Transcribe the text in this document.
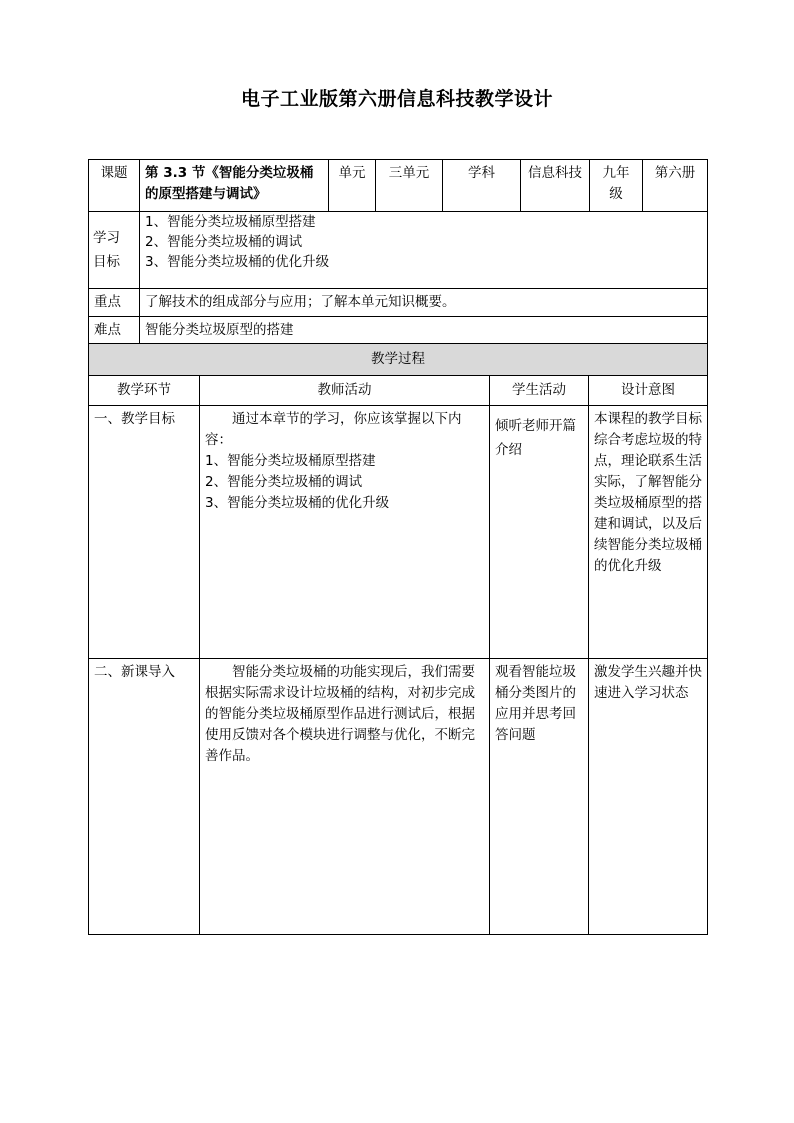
电子工业版第六册信息科技教学设计
课题	第 3.3 节《智能分类垃圾桶的原型搭建与调试》	单元	三单元	学科	信息科技	九年级	第六册

学习目标	1、智能分类垃圾桶原型搭建
2、智能分类垃圾桶的调试
3、智能分类垃圾桶的优化升级						

重点	了解技术的组成部分与应用；了解本单元知识概要。						
难点	智能分类垃圾原型的搭建						
教学过程			
教学环节	教师活动	学生活动	设计意图
一、教学目标	通过本章节的学习，你应该掌握以下内容：

1、智能分类垃圾桶原型搭建
2、智能分类垃圾桶的调试
3、智能分类垃圾桶的优化升级	倾听老师开篇介绍	本课程的教学目标综合考虑垃圾的特点，理论联系生活实际，了解智能分类垃圾桶原型的搭建和调试，以及后续智能分类垃圾桶的优化升级
二、新课导入	智能分类垃圾桶的功能实现后，我们需要根据实际需求设计垃圾桶的结构，对初步完成的智能分类垃圾桶原型作品进行测试后，根据使用反馈对各个模块进行调整与优化，不断完善作品。	观看智能垃圾桶分类图片的应用并思考回答问题	激发学生兴趣并快速进入学习状态
